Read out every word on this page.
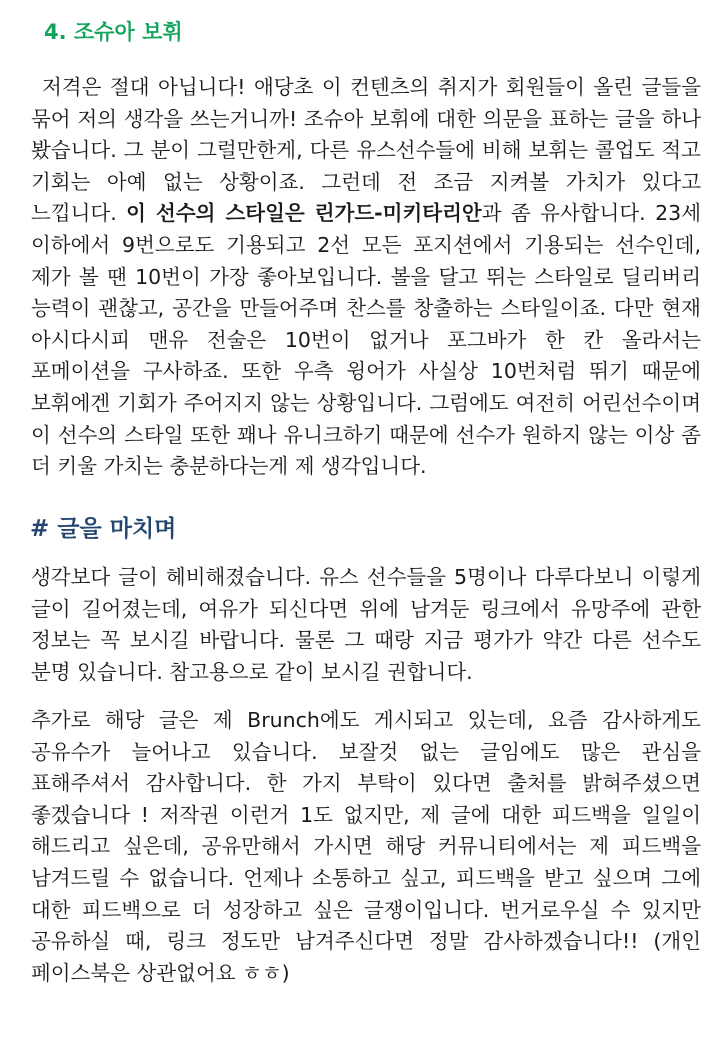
4. 조슈아 보휘

저격은 절대 아닙니다! 애당초 이 컨텐츠의 취지가 회원들이 올린 글들을 묶어 저의 생각을 쓰는거니까! 조슈아 보휘에 대한 의문을 표하는 글을 하나 봤습니다. 그 분이 그럴만한게, 다른 유스선수들에 비해 보휘는 콜업도 적고 기회는 아예 없는 상황이죠. 그런데 전 조금 지켜볼 가치가 있다고 느낍니다. 이 선수의 스타일은 린가드-미키타리안과 좀 유사합니다. 23세 이하에서 9번으로도 기용되고 2선 모든 포지션에서 기용되는 선수인데, 제가 볼 땐 10번이 가장 좋아보입니다. 볼을 달고 뛰는 스타일로 딜리버리 능력이 괜찮고, 공간을 만들어주며 찬스를 창출하는 스타일이죠. 다만 현재 아시다시피 맨유 전술은 10번이 없거나 포그바가 한 칸 올라서는 포메이션을 구사하죠. 또한 우측 윙어가 사실상 10번처럼 뛰기 때문에 보휘에겐 기회가 주어지지 않는 상황입니다. 그럼에도 여전히 어린선수이며 이 선수의 스타일 또한 꽤나 유니크하기 때문에 선수가 원하지 않는 이상 좀 더 키울 가치는 충분하다는게 제 생각입니다.

# 글을 마치며

생각보다 글이 헤비해졌습니다. 유스 선수들을 5명이나 다루다보니 이렇게 글이 길어졌는데, 여유가 되신다면 위에 남겨둔 링크에서 유망주에 관한 정보는 꼭 보시길 바랍니다. 물론 그 때랑 지금 평가가 약간 다른 선수도 분명 있습니다. 참고용으로 같이 보시길 권합니다.

추가로 해당 글은 제 Brunch에도 게시되고 있는데, 요즘 감사하게도 공유수가 늘어나고 있습니다. 보잘것 없는 글임에도 많은 관심을 표해주셔서 감사합니다. 한 가지 부탁이 있다면 출처를 밝혀주셨으면 좋겠습니다 ! 저작권 이런거 1도 없지만, 제 글에 대한 피드백을 일일이 해드리고 싶은데, 공유만해서 가시면 해당 커뮤니티에서는 제 피드백을 남겨드릴 수 없습니다. 언제나 소통하고 싶고, 피드백을 받고 싶으며 그에 대한 피드백으로 더 성장하고 싶은 글쟁이입니다. 번거로우실 수 있지만 공유하실 때, 링크 정도만 남겨주신다면 정말 감사하겠습니다!! (개인 페이스북은 상관없어요 ㅎㅎ)
